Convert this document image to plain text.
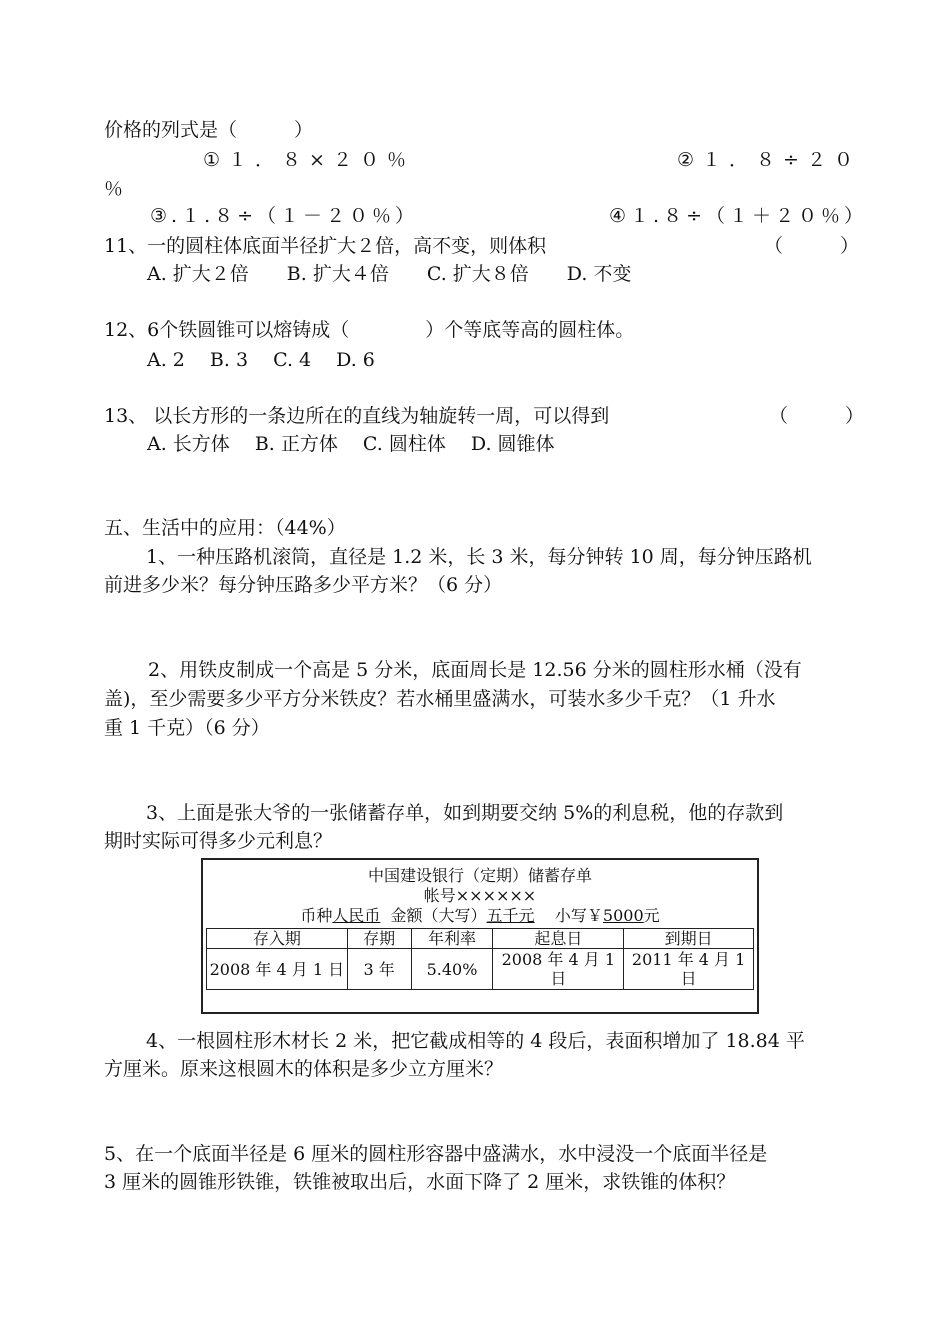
价格的列式是（　　　）
①１．８×２０％	②１．８÷２０
％
③.１.８÷（１－２０％）	④１.８÷（１＋２０％）
11、一的圆柱体底面半径扩大２倍，高不变，则体积	（　　　）
A. 扩大２倍　　B. 扩大４倍　　C. 扩大８倍　　D. 不变
12、6个铁圆锥可以熔铸成（　　　　）个等底等高的圆柱体。
A. 2　 B. 3　 C. 4　 D. 6
13、 以长方形的一条边所在的直线为轴旋转一周，可以得到	（　　　）
A. 长方体　 B. 正方体　 C. 圆柱体　 D. 圆锥体
五、生活中的应用：（44%）
1、一种压路机滚筒，直径是 1.2 米，长 3 米，每分钟转 10 周，每分钟压路机
前进多少米？每分钟压路多少平方米？（6 分）
2、用铁皮制成一个高是 5 分米，底面周长是 12.56 分米的圆柱形水桶（没有
盖)，至少需要多少平方分米铁皮？若水桶里盛满水，可装水多少千克？（1 升水
重 1 千克）（6 分）
3、上面是张大爷的一张储蓄存单，如到期要交纳 5%的利息税，他的存款到
期时实际可得多少元利息？
中国建设银行（定期）储蓄存单
帐号××××××
币种人民币 金额（大写）五千元 小写￥5000元
存入期	存期	年利率	起息日	到期日
2008 年 4 月 1 日	3 年	5.40%	2008 年 4 月 1 日	2011 年 4 月 1 日
4、一根圆柱形木材长 2 米，把它截成相等的 4 段后，表面积增加了 18.84 平
方厘米。原来这根圆木的体积是多少立方厘米？
5、在一个底面半径是 6 厘米的圆柱形容器中盛满水，水中浸没一个底面半径是
3 厘米的圆锥形铁锥，铁锥被取出后，水面下降了 2 厘米，求铁锥的体积？
